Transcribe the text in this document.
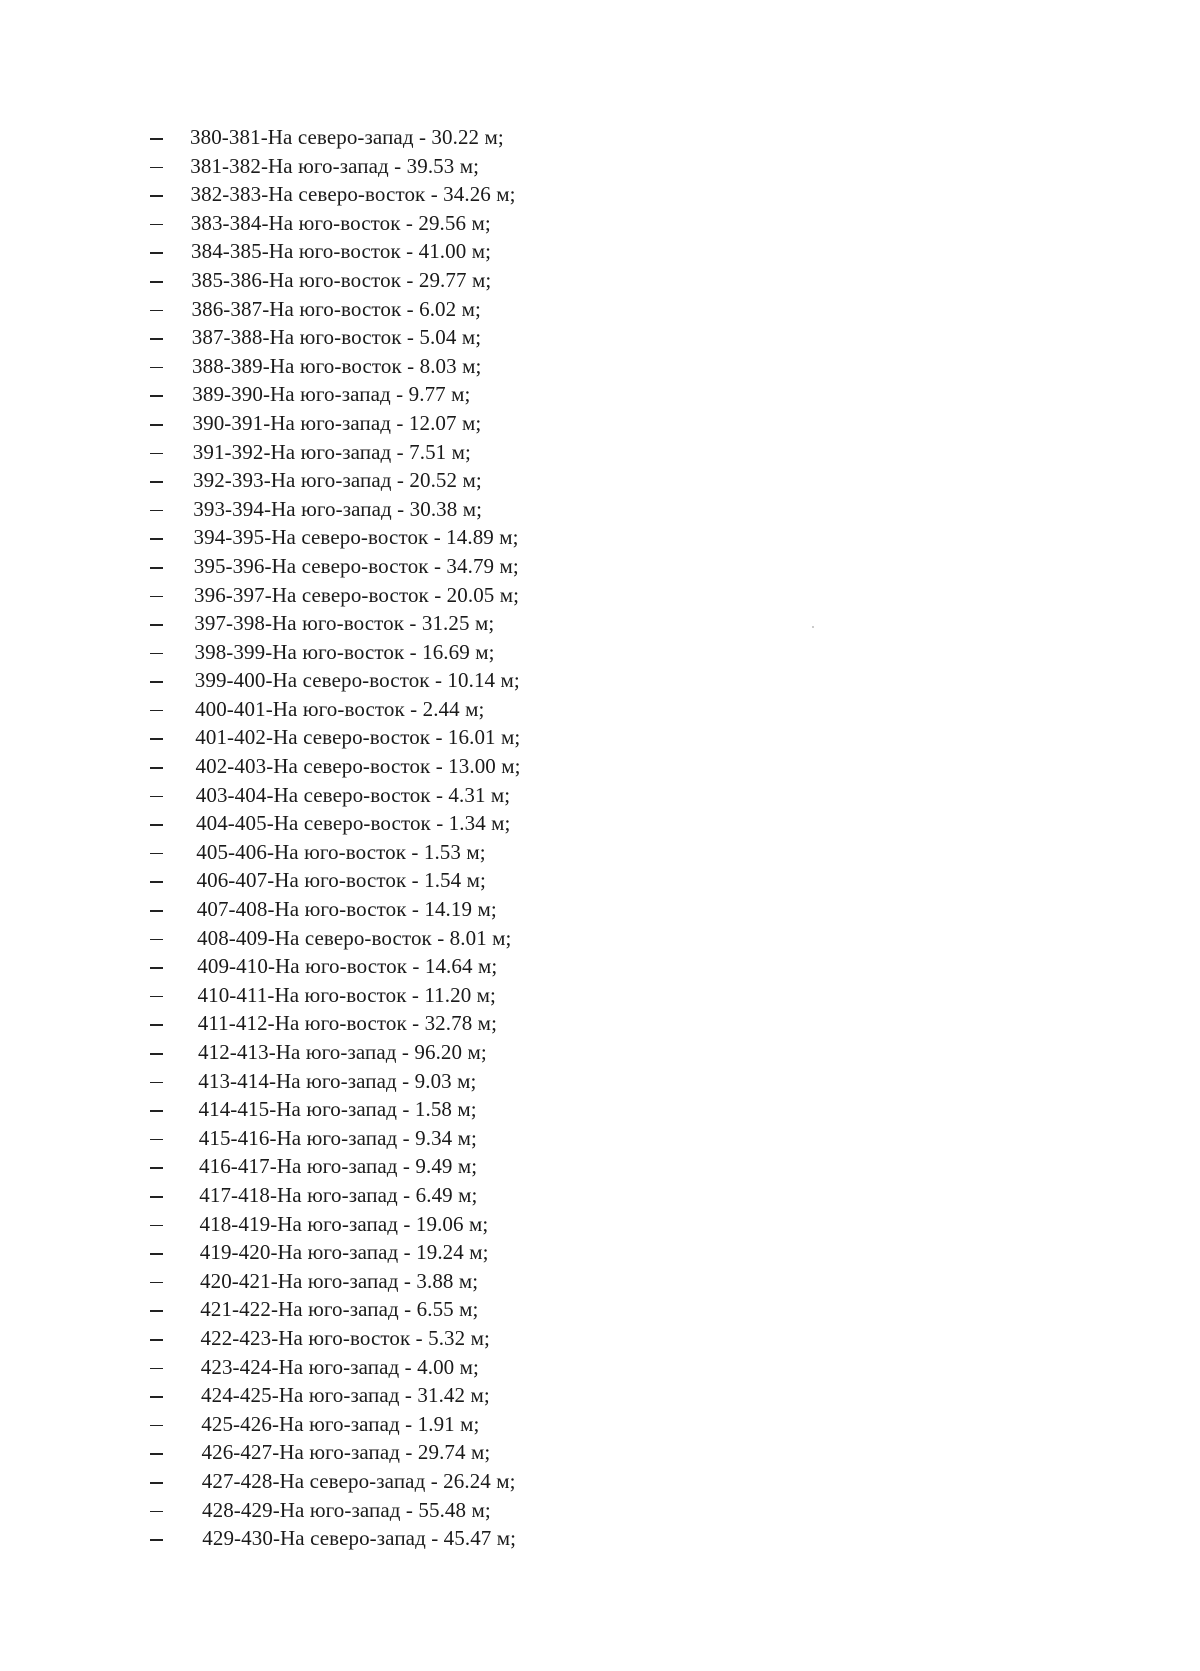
380-381-На северо-запад - 30.22 м;
381-382-На юго-запад - 39.53 м;
382-383-На северо-восток - 34.26 м;
383-384-На юго-восток - 29.56 м;
384-385-На юго-восток - 41.00 м;
385-386-На юго-восток - 29.77 м;
386-387-На юго-восток - 6.02 м;
387-388-На юго-восток - 5.04 м;
388-389-На юго-восток - 8.03 м;
389-390-На юго-запад - 9.77 м;
390-391-На юго-запад - 12.07 м;
391-392-На юго-запад - 7.51 м;
392-393-На юго-запад - 20.52 м;
393-394-На юго-запад - 30.38 м;
394-395-На северо-восток - 14.89 м;
395-396-На северо-восток - 34.79 м;
396-397-На северо-восток - 20.05 м;
397-398-На юго-восток - 31.25 м;
398-399-На юго-восток - 16.69 м;
399-400-На северо-восток - 10.14 м;
400-401-На юго-восток - 2.44 м;
401-402-На северо-восток - 16.01 м;
402-403-На северо-восток - 13.00 м;
403-404-На северо-восток - 4.31 м;
404-405-На северо-восток - 1.34 м;
405-406-На юго-восток - 1.53 м;
406-407-На юго-восток - 1.54 м;
407-408-На юго-восток - 14.19 м;
408-409-На северо-восток - 8.01 м;
409-410-На юго-восток - 14.64 м;
410-411-На юго-восток - 11.20 м;
411-412-На юго-восток - 32.78 м;
412-413-На юго-запад - 96.20 м;
413-414-На юго-запад - 9.03 м;
414-415-На юго-запад - 1.58 м;
415-416-На юго-запад - 9.34 м;
416-417-На юго-запад - 9.49 м;
417-418-На юго-запад - 6.49 м;
418-419-На юго-запад - 19.06 м;
419-420-На юго-запад - 19.24 м;
420-421-На юго-запад - 3.88 м;
421-422-На юго-запад - 6.55 м;
422-423-На юго-восток - 5.32 м;
423-424-На юго-запад - 4.00 м;
424-425-На юго-запад - 31.42 м;
425-426-На юго-запад - 1.91 м;
426-427-На юго-запад - 29.74 м;
427-428-На северо-запад - 26.24 м;
428-429-На юго-запад - 55.48 м;
429-430-На северо-запад - 45.47 м;
